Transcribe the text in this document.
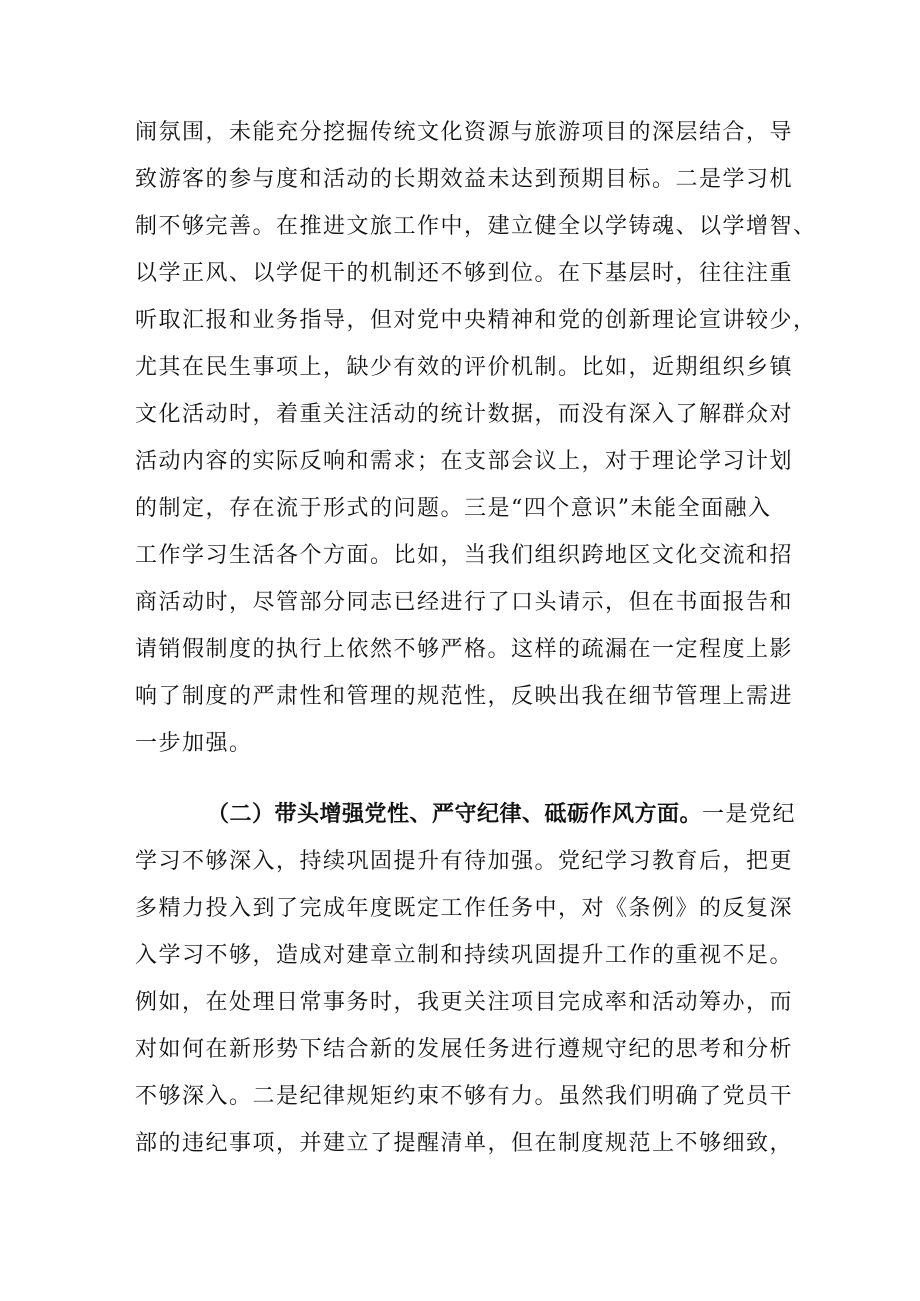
闹氛围，未能充分挖掘传统文化资源与旅游项目的深层结合，导
致游客的参与度和活动的长期效益未达到预期目标。二是学习机
制不够完善。在推进文旅工作中，建立健全以学铸魂、以学增智、
以学正风、以学促干的机制还不够到位。在下基层时，往往注重
听取汇报和业务指导，但对党中央精神和党的创新理论宣讲较少，
尤其在民生事项上，缺少有效的评价机制。比如，近期组织乡镇
文化活动时，着重关注活动的统计数据，而没有深入了解群众对
活动内容的实际反响和需求；在支部会议上，对于理论学习计划
的制定，存在流于形式的问题。三是“四个意识”未能全面融入
工作学习生活各个方面。比如，当我们组织跨地区文化交流和招
商活动时，尽管部分同志已经进行了口头请示，但在书面报告和
请销假制度的执行上依然不够严格。这样的疏漏在一定程度上影
响了制度的严肃性和管理的规范性，反映出我在细节管理上需进
一步加强。
（二）带头增强党性、严守纪律、砥砺作风方面。一是党纪
学习不够深入，持续巩固提升有待加强。党纪学习教育后，把更
多精力投入到了完成年度既定工作任务中，对《条例》的反复深
入学习不够，造成对建章立制和持续巩固提升工作的重视不足。
例如，在处理日常事务时，我更关注项目完成率和活动筹办，而
对如何在新形势下结合新的发展任务进行遵规守纪的思考和分析
不够深入。二是纪律规矩约束不够有力。虽然我们明确了党员干
部的违纪事项，并建立了提醒清单，但在制度规范上不够细致，
